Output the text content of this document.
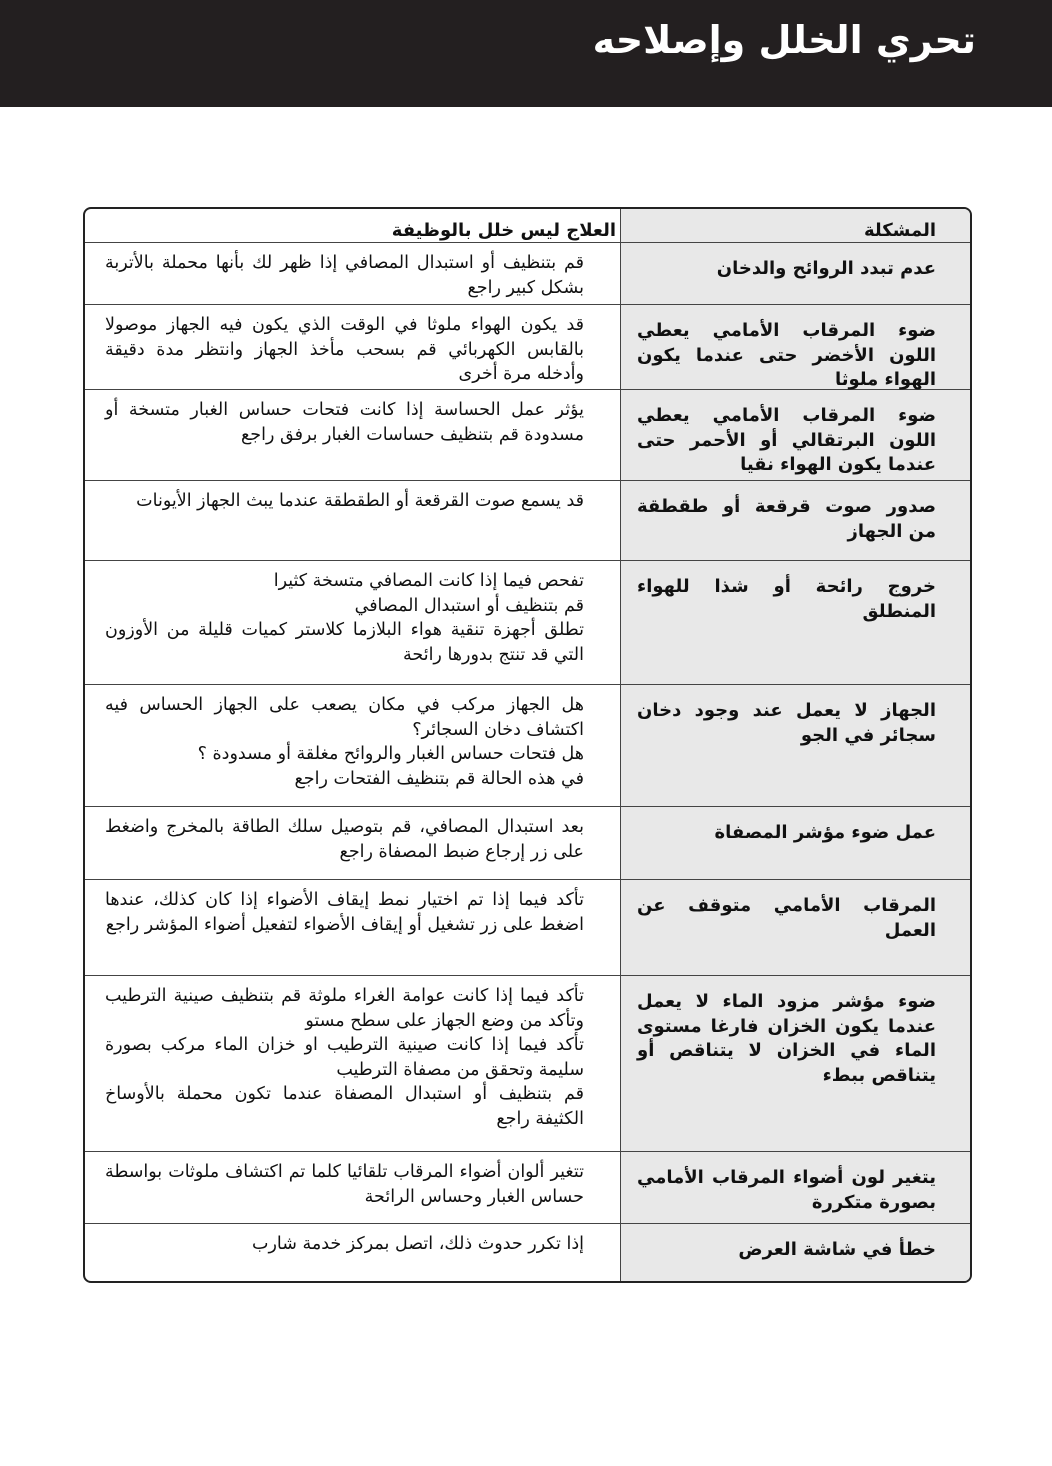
تحري الخلل وإصلاحه
المشكلة
العلاج ليس خلل بالوظيفة
عدم تبدد الروائح والدخان

قم بتنظيف أو استبدال المصافي إذا ظهر لك بأنها محملة بالأتربة بشكل كبير راجع

ضوء المرقاب الأمامي يعطي اللون الأخضر حتى عندما يكون الهواء ملوثا

قد يكون الهواء ملوثا في الوقت الذي يكون فيه الجهاز موصولا بالقابس الكهربائي قم بسحب مأخذ الجهاز وانتظر مدة دقيقة وأدخله مرة أخرى

ضوء المرقاب الأمامي يعطي اللون البرتقالي أو الأحمر حتى عندما يكون الهواء نقيا

يؤثر عمل الحساسة إذا كانت فتحات حساس الغبار متسخة أو مسدودة قم بتنظيف حساسات الغبار برفق راجع

صدور صوت قرقعة أو طقطقة من الجهاز

قد يسمع صوت القرقعة أو الطقطقة عندما يبث الجهاز الأيونات

خروج رائحة أو شذا للهواء المنطلق

تفحص فيما إذا كانت المصافي متسخة كثيرا

قم بتنظيف أو استبدال المصافي

تطلق أجهزة تنقية هواء البلازما كلاستر كميات قليلة من الأوزون التي قد تنتج بدورها رائحة

الجهاز لا يعمل عند وجود دخان سجائر في الجو

هل الجهاز مركب في مكان يصعب على الجهاز الحساس فيه اكتشاف دخان السجائر؟

هل فتحات حساس الغبار والروائح مغلقة أو مسدودة ؟

في هذه الحالة قم بتنظيف الفتحات راجع

عمل ضوء مؤشر المصفاة

بعد استبدال المصافي، قم بتوصيل سلك الطاقة بالمخرج واضغط على زر إرجاع ضبط المصفاة راجع

المرقاب الأمامي متوقف عن العمل

تأكد فيما إذا تم اختيار نمط إيقاف الأضواء إذا كان كذلك، عندها اضغط على زر تشغيل أو إيقاف الأضواء لتفعيل أضواء المؤشر راجع

ضوء مؤشر مزود الماء لا يعمل عندما يكون الخزان فارغا مستوى الماء في الخزان لا يتناقص أو يتناقص ببطء

تأكد فيما إذا كانت عوامة الغراء ملوثة قم بتنظيف صينية الترطيب وتأكد من وضع الجهاز على سطح مستو

تأكد فيما إذا كانت صينية الترطيب او خزان الماء مركب بصورة سليمة وتحقق من مصفاة الترطيب

قم بتنظيف أو استبدال المصفاة عندما تكون محملة بالأوساخ الكثيفة راجع

يتغير لون أضواء المرقاب الأمامي بصورة متكررة

تتغير ألوان أضواء المرقاب تلقائيا كلما تم اكتشاف ملوثات بواسطة حساس الغبار وحساس الرائحة

خطأ في شاشة العرض

إذا تكرر حدوث ذلك، اتصل بمركز خدمة شارب
